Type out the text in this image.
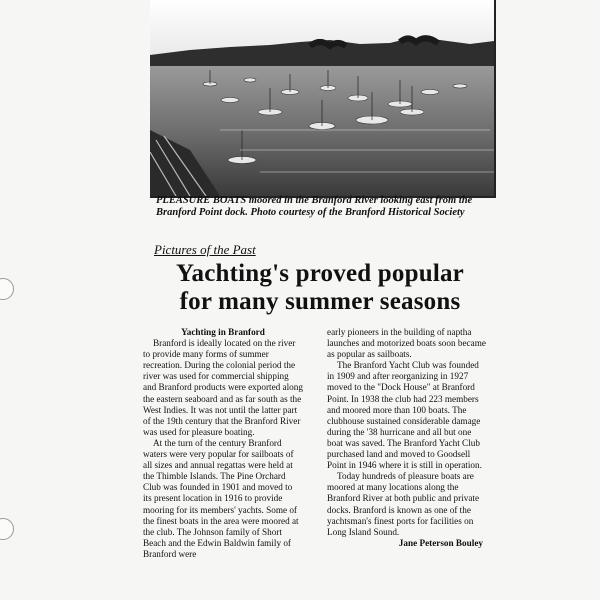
PLEASURE BOATS moored in the Branford River looking east from the Branford Point dock. Photo courtesy of the Branford Historical Society
Pictures of the Past
Yachting's proved popular
for many summer seasons

Yachting in Branford

Branford is ideally located on the river to provide many forms of summer recreation. During the colonial period the river was used for commercial shipping and Branford products were exported along the eastern seaboard and as far south as the West Indies. It was not until the latter part of the 19th century that the Branford River was used for pleasure boating.

At the turn of the century Branford waters were very popular for sailboats of all sizes and annual regattas were held at the Thimble Islands. The Pine Orchard Club was founded in 1901 and moved to its present location in 1916 to provide mooring for its members' yachts. Some of the finest boats in the area were moored at the club. The Johnson family of Short Beach and the Edwin Baldwin family of Branford were

early pioneers in the building of naptha launches and motorized boats soon became as popular as sailboats.

The Branford Yacht Club was founded in 1909 and after reorganizing in 1927 moved to the "Dock House" at Branford Point. In 1938 the club had 223 members and moored more than 100 boats. The clubhouse sustained considerable damage during the '38 hurricane and all but one boat was saved. The Branford Yacht Club purchased land and moved to Goodsell Point in 1946 where it is still in operation.

Today hundreds of pleasure boats are moored at many locations along the Branford River at both public and private docks. Branford is known as one of the yachtsman's finest ports for facilities on Long Island Sound.

Jane Peterson Bouley
